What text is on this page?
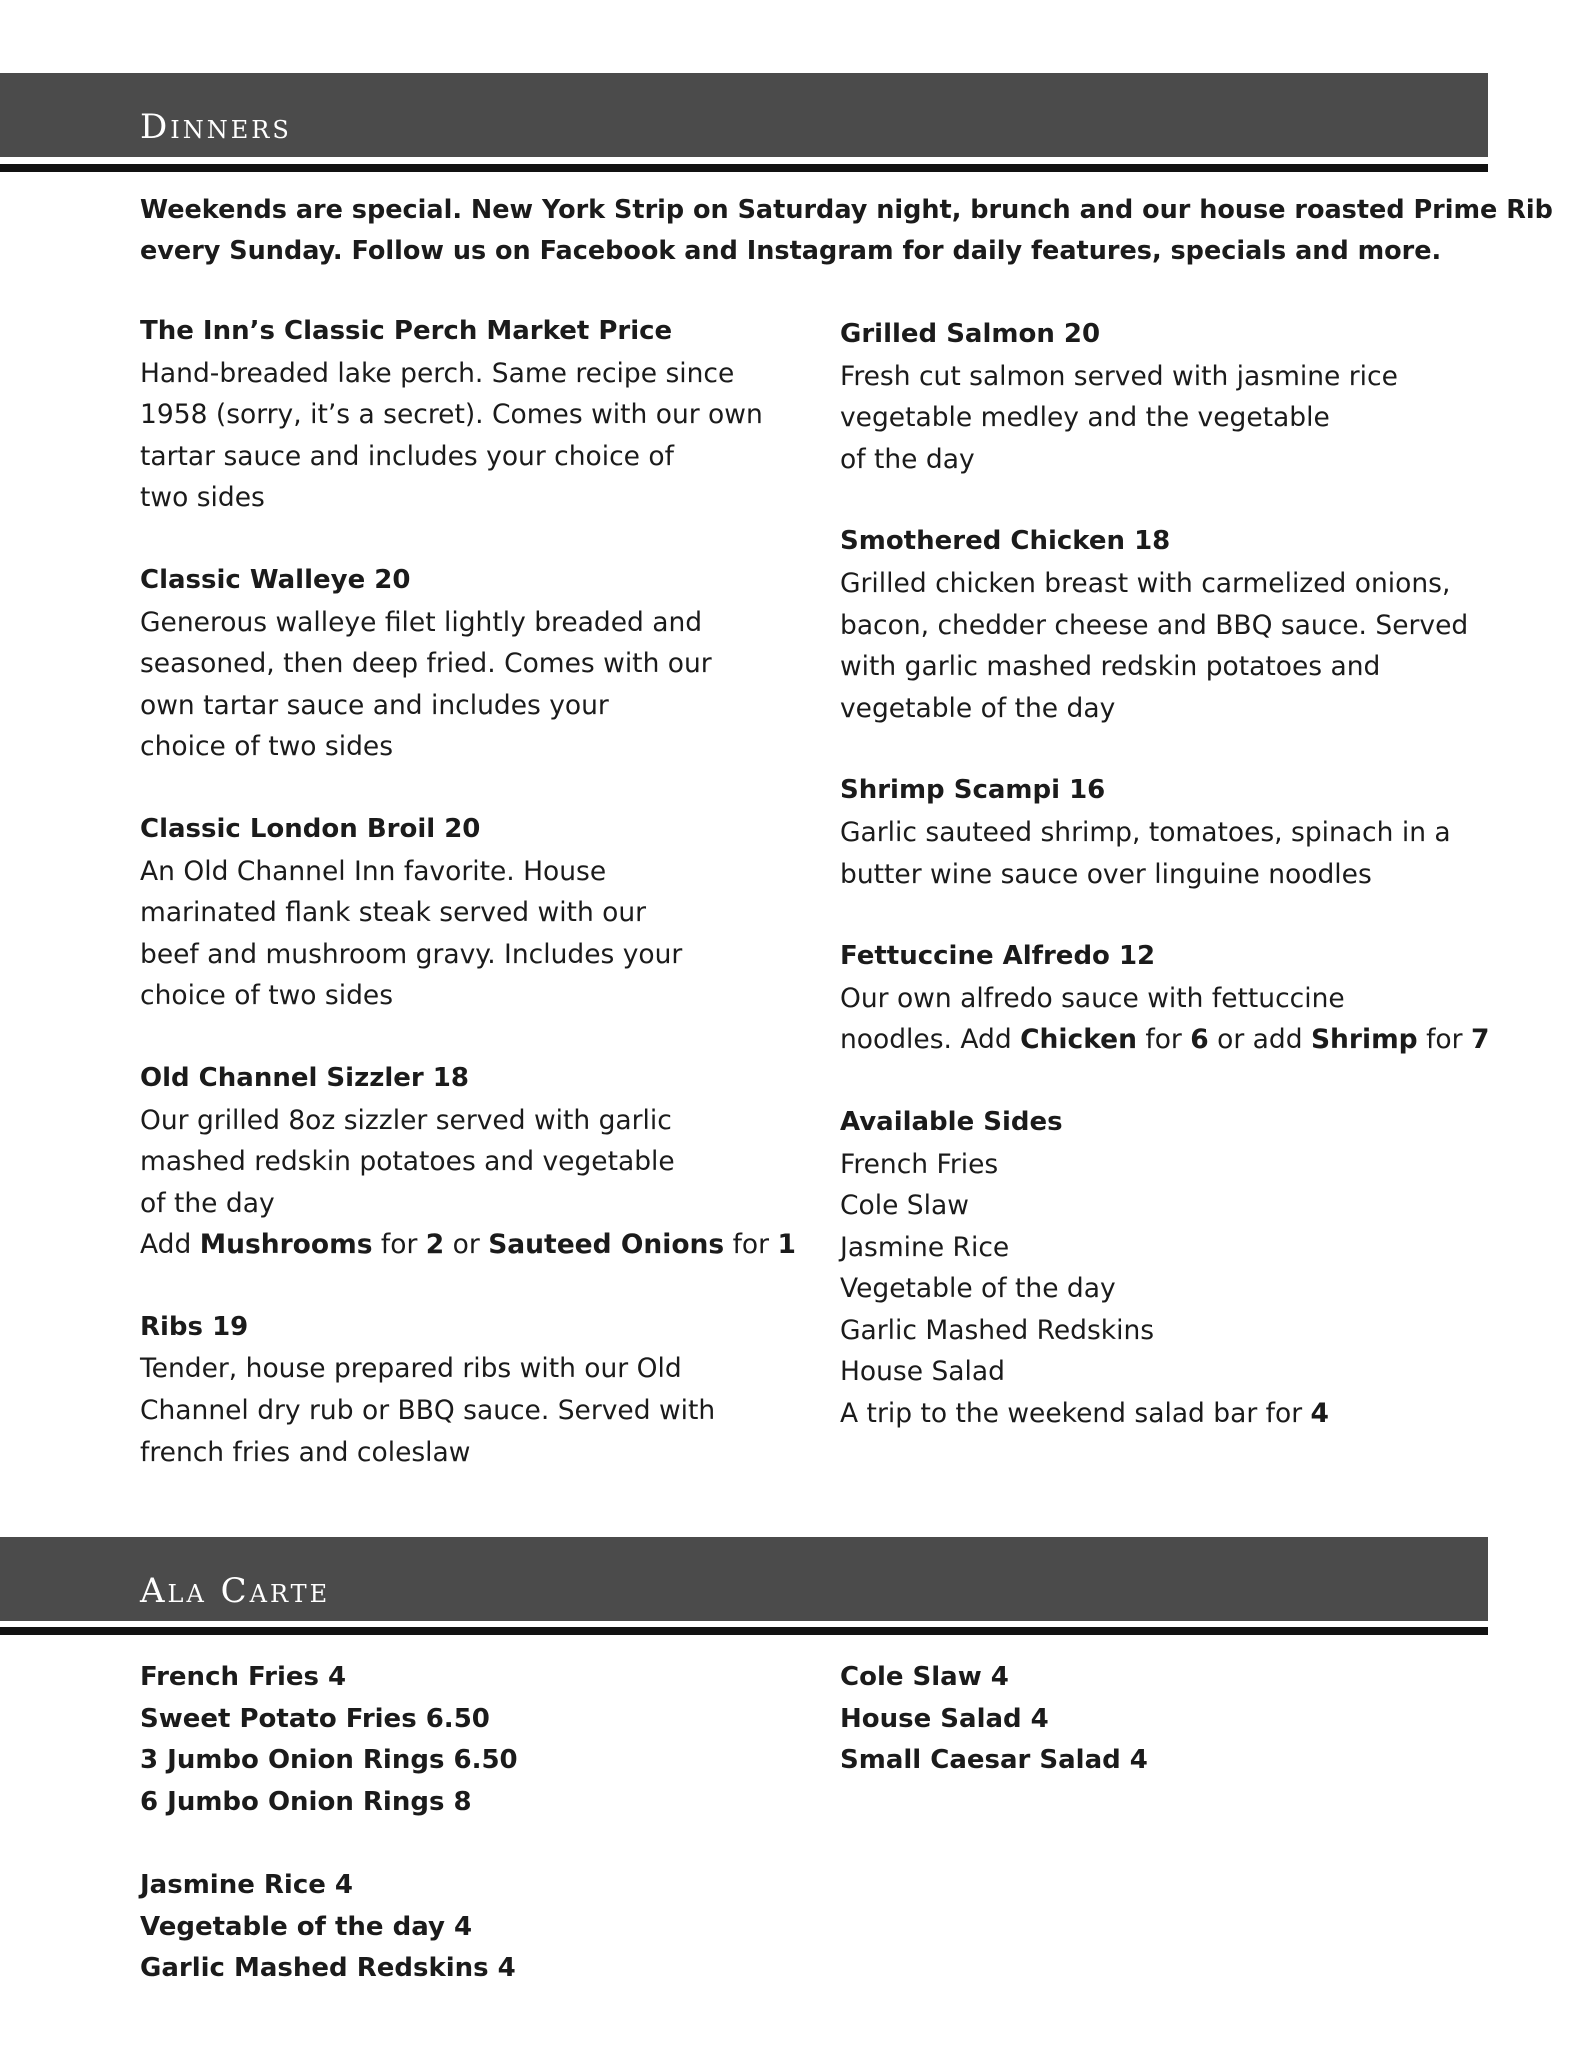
Dinners
Weekends are special. New York Strip on Saturday night, brunch and our house roasted Prime Rib
every Sunday. Follow us on Facebook and Instagram for daily features, specials and more.
The Inn’s Classic Perch Market Price
Hand-breaded lake perch. Same recipe since
1958 (sorry, it’s a secret). Comes with our own
tartar sauce and includes your choice of
two sides
Classic Walleye 20
Generous walleye filet lightly breaded and
seasoned, then deep fried. Comes with our
own tartar sauce and includes your
choice of two sides
Classic London Broil 20
An Old Channel Inn favorite. House
marinated flank steak served with our
beef and mushroom gravy. Includes your
choice of two sides
Old Channel Sizzler 18
Our grilled 8oz sizzler served with garlic
mashed redskin potatoes and vegetable
of the day
Add Mushrooms for 2 or Sauteed Onions for 1
Ribs 19
Tender, house prepared ribs with our Old
Channel dry rub or BBQ sauce. Served with
french fries and coleslaw
Grilled Salmon 20
Fresh cut salmon served with jasmine rice
vegetable medley and the vegetable
of the day
Smothered Chicken 18
Grilled chicken breast with carmelized onions,
bacon, chedder cheese and BBQ sauce. Served
with garlic mashed redskin potatoes and
vegetable of the day
Shrimp Scampi 16
Garlic sauteed shrimp, tomatoes, spinach in a
butter wine sauce over linguine noodles
Fettuccine Alfredo 12
Our own alfredo sauce with fettuccine
noodles. Add Chicken for 6 or add Shrimp for 7
Available Sides
French Fries
Cole Slaw
Jasmine Rice
Vegetable of the day
Garlic Mashed Redskins
House Salad
A trip to the weekend salad bar for 4
Ala Carte
French Fries 4
Sweet Potato Fries 6.50
3 Jumbo Onion Rings 6.50
6 Jumbo Onion Rings 8
Jasmine Rice 4
Vegetable of the day 4
Garlic Mashed Redskins 4
Cole Slaw 4
House Salad 4
Small Caesar Salad 4
